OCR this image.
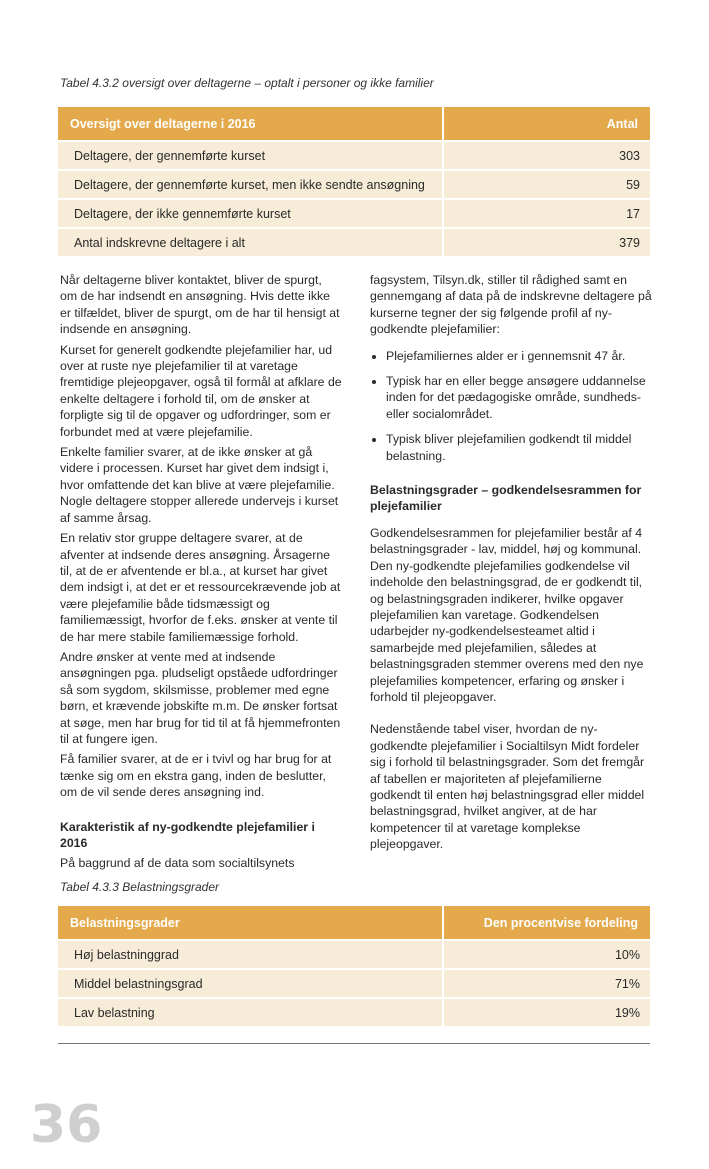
Tabel 4.3.2 oversigt over deltagerne – optalt i personer og ikke familier
Oversigt over deltagerne i 2016	Antal
Deltagere, der gennemførte kurset	303
Deltagere, der gennemførte kurset, men ikke sendte ansøgning	59
Deltagere, der ikke gennemførte kurset	17
Antal indskrevne deltagere i alt	379

Når deltagerne bliver kontaktet, bliver de spurgt, om de har indsendt en ansøgning. Hvis dette ikke er tilfældet, bliver de spurgt, om de har til hensigt at indsende en ansøgning.

Kurset for generelt godkendte plejefamilier har, ud over at ruste nye plejefamilier til at varetage fremtidige plejeopgaver, også til formål at afklare de enkelte deltagere i forhold til, om de ønsker at forpligte sig til de opgaver og udfordringer, som er forbundet med at være plejefamilie.

Enkelte familier svarer, at de ikke ønsker at gå videre i processen. Kurset har givet dem indsigt i, hvor omfattende det kan blive at være plejefamilie. Nogle deltagere stopper allerede undervejs i kurset af samme årsag.

En relativ stor gruppe deltagere svarer, at de afventer at indsende deres ansøgning. Årsagerne til, at de er afventende er bl.a., at kurset har givet dem indsigt i, at det er et ressourcekrævende job at være plejefamilie både tidsmæssigt og familiemæssigt, hvorfor de f.eks. ønsker at vente til de har mere stabile familiemæssige forhold.

Andre ønsker at vente med at indsende ansøgningen pga. pludseligt opståede udfordringer så som sygdom, skilsmisse, problemer med egne børn, et krævende jobskifte m.m. De ønsker fortsat at søge, men har brug for tid til at få hjemmefronten til at fungere igen.

Få familier svarer, at de er i tvivl og har brug for at tænke sig om en ekstra gang, inden de beslutter, om de vil sende deres ansøgning ind.

Karakteristik af ny-godkendte plejefamilier i 2016

På baggrund af de data som socialtilsynets

fagsystem, Tilsyn.dk, stiller til rådighed samt en gennemgang af data på de indskrevne deltagere på kurserne tegner der sig følgende profil af ny-godkendte plejefamilier:

• Plejefamiliernes alder er i gennemsnit 47 år.
• Typisk har en eller begge ansøgere uddannelse inden for det pædagogiske område, sundheds- eller socialområdet.
• Typisk bliver plejefamilien godkendt til middel belastning.
Belastningsgrader – godkendelsesrammen for plejefamilier

Godkendelsesrammen for plejefamilier består af 4 belastningsgrader - lav, middel, høj og kommunal. Den ny-godkendte plejefamilies godkendelse vil indeholde den belastningsgrad, de er godkendt til, og belastningsgraden indikerer, hvilke opgaver plejefamilien kan varetage. Godkendelsen udarbejder ny-godkendelsesteamet altid i samarbejde med plejefamilien, således at belastningsgraden stemmer overens med den nye plejefamilies kompetencer, erfaring og ønsker i forhold til plejeopgaver.

Nedenstående tabel viser, hvordan de ny-godkendte plejefamilier i Socialtilsyn Midt fordeler sig i forhold til belastningsgrader. Som det fremgår af tabellen er majoriteten af plejefamilierne godkendt til enten høj belastningsgrad eller middel belastningsgrad, hvilket angiver, at de har kompetencer til at varetage komplekse plejeopgaver.

Tabel 4.3.3 Belastningsgrader
Belastningsgrader	Den procentvise fordeling
Høj belastninggrad	10%
Middel belastningsgrad	71%
Lav belastning	19%
36
